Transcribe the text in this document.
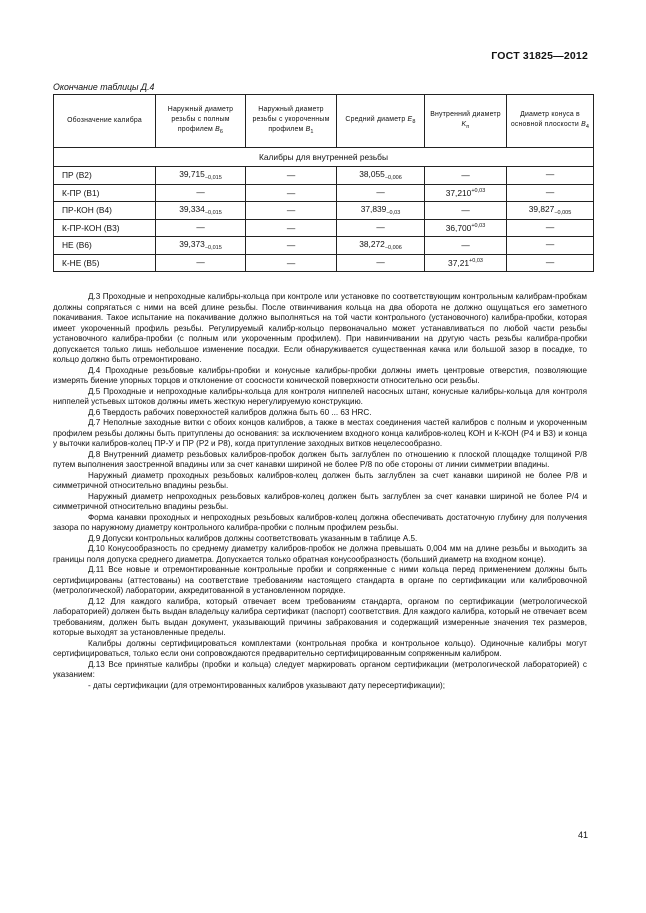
ГОСТ 31825—2012
Окончание таблицы Д.4
Обозначение калибра	Наружный диаметр резьбы с полным профилем $B_6$	Наружный диаметр резьбы с укороченным профилем $B_1$	Средний диаметр $E_8$	Внутренний диаметр $K_п$	Диаметр конуса в основной плоскости $B_4$
Калибры для внутренней резьбы					
ПР (В2)	$39,715_{-0,015}$	—	$38,055_{-0,006}$	—	—
К-ПР (В1)	—	—	—	$37,210^{+0,03}$	—
ПР-КОН (В4)	$39,334_{-0,015}$	—	$37,839_{-0,03}$	—	$39,827_{-0,005}$
К-ПР-КОН (В3)	—	—	—	$36,700^{+0,03}$	—
НЕ (В6)	$39,373_{-0,015}$	—	$38,272_{-0,006}$	—	—
К-НЕ (В5)	—	—	—	$37,21^{+0,03}$	—

Д.3 Проходные и непроходные калибры-кольца при контроле или установке по соответствующим контрольным калибрам-пробкам должны сопрягаться с ними на всей длине резьбы. После отвинчивания кольца на два оборота не должно ощущаться его заметного покачивания. Такое испытание на покачивание должно выполняться на той части контрольного (установочного) калибра-пробки, которая имеет укороченный профиль резьбы. Регулируемый калибр-кольцо первоначально может устанавливаться по любой части резьбы установочного калибра-пробки (с полным или укороченным профилем). При навинчивании на другую часть резьбы калибра-пробки допускается только лишь небольшое изменение посадки. Если обнаруживается существенная качка или большой зазор в посадке, то кольцо должно быть отремонтировано.

Д.4 Проходные резьбовые калибры-пробки и конусные калибры-пробки должны иметь центровые отверстия, позволяющие измерять биение упорных торцов и отклонение от соосности конической поверхности относительно оси резьбы.

Д.5 Проходные и непроходные калибры-кольца для контроля ниппелей насосных штанг, конусные калибры-кольца для контроля ниппелей устьевых штоков должны иметь жесткую нерегулируемую конструкцию.

Д.6 Твердость рабочих поверхностей калибров должна быть 60 ... 63 HRC.

Д.7 Неполные заходные витки с обоих концов калибров, а также в местах соединения частей калибров с полным и укороченным профилем резьбы должны быть притуплены до основания: за исключением входного конца калибров-колец КОН и К-КОН (Р4 и В3) и конца у выточки калибров-колец ПР-У и ПР (Р2 и Р8), когда притупление заходных витков нецелесообразно.

Д.8 Внутренний диаметр резьбовых калибров-пробок должен быть заглублен по отношению к плоской площадке толщиной Р/8 путем выполнения заостренной впадины или за счет канавки шириной не более Р/8 по обе стороны от линии симметрии впадины.

Наружный диаметр проходных резьбовых калибров-колец должен быть заглублен за счет канавки шириной не более Р/8 и симметричной относительно впадины резьбы.

Наружный диаметр непроходных резьбовых калибров-колец должен быть заглублен за счет канавки шириной не более Р/4 и симметричной относительно впадины резьбы.

Форма канавки проходных и непроходных резьбовых калибров-колец должна обеспечивать достаточную глубину для получения зазора по наружному диаметру контрольного калибра-пробки с полным профилем резьбы.

Д.9 Допуски контрольных калибров должны соответствовать указанным в таблице А.5.

Д.10 Конусообразность по среднему диаметру калибров-пробок не должна превышать 0,004 мм на длине резьбы и выходить за границы поля допуска среднего диаметра. Допускается только обратная конусообразность (больший диаметр на входном конце).

Д.11 Все новые и отремонтированные контрольные пробки и сопряженные с ними кольца перед применением должны быть сертифицированы (аттестованы) на соответствие требованиям настоящего стандарта в органе по сертификации или калибровочной (метрологической) лаборатории, аккредитованной в установленном порядке.

Д.12 Для каждого калибра, который отвечает всем требованиям стандарта, органом по сертификации (метрологической лабораторией) должен быть выдан владельцу калибра сертификат (паспорт) соответствия. Для каждого калибра, который не отвечает всем требованиям, должен быть выдан документ, указывающий причины забракования и содержащий измеренные значения тех размеров, которые выходят за установленные пределы.

Калибры должны сертифицироваться комплектами (контрольная пробка и контрольное кольцо). Одиночные калибры могут сертифицироваться, только если они сопровождаются предварительно сертифицированным сопряженным калибром.

Д.13 Все принятые калибры (пробки и кольца) следует маркировать органом сертификации (метрологической лабораторией) с указанием:

- даты сертификации (для отремонтированных калибров указывают дату пересертификации);

41
